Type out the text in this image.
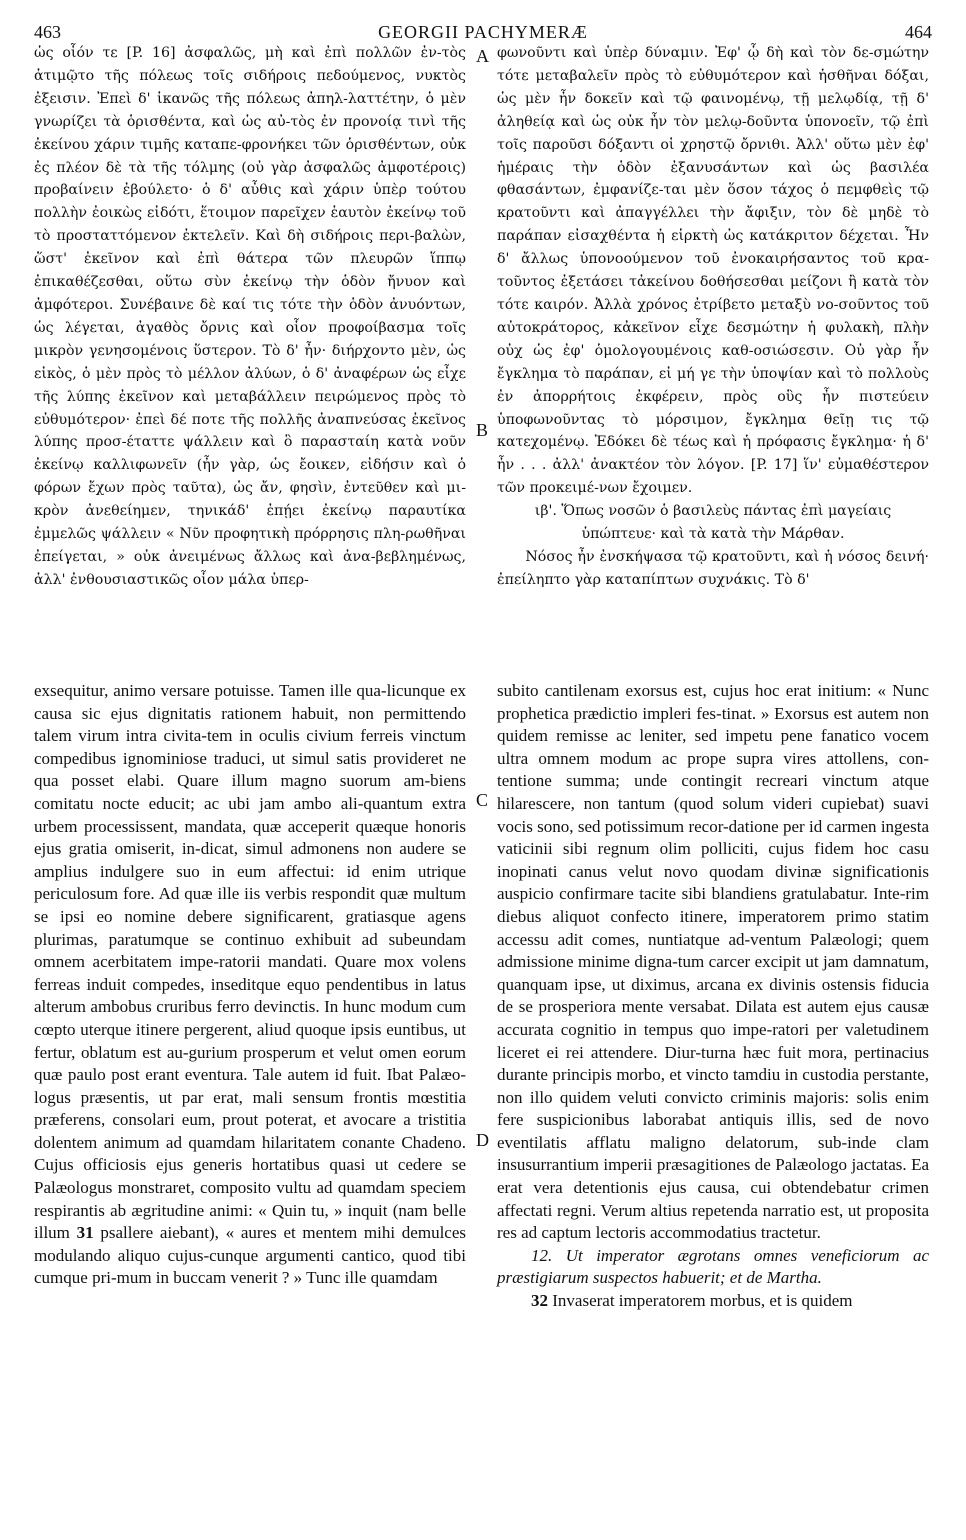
463	GEORGII PACHYMERÆ	464
A
B
C
D

ὡς οἷόν τε [P. 16] ἀσφαλῶς, μὴ καὶ ἐπὶ πολλῶν ἐν-τὸς ἀτιμῷτο τῆς πόλεως τοῖς σιδήροις πεδούμενος, νυκτὸς ἐξεισιν. Ἐπεὶ δ' ἱκανῶς τῆς πόλεως ἀπηλ-λαττέτην, ὁ μὲν γνωρίζει τὰ ὁρισθέντα, καὶ ὡς αὐ-τὸς ἐν προνοίᾳ τινὶ τῆς ἐκείνου χάριν τιμῆς καταπε-φρονήκει τῶν ὁρισθέντων, οὐκ ἐς πλέον δὲ τὰ τῆς τόλμης (οὐ γὰρ ἀσφαλῶς ἀμφοτέροις) προβαίνειν ἐβούλετο· ὁ δ' αὖθις καὶ χάριν ὑπὲρ τούτου πολλὴν ἐοικὼς εἰδότι, ἕτοιμον παρεῖχεν ἑαυτὸν ἐκείνῳ τοῦ τὸ προσταττόμενον ἐκτελεῖν. Καὶ δὴ σιδήροις περι-βαλὼν, ὥστ' ἐκεῖνον καὶ ἐπὶ θάτερα τῶν πλευρῶν ἵππῳ ἐπικαθέζεσθαι, οὕτω σὺν ἐκείνῳ τὴν ὁδὸν ἤνυον καὶ ἀμφότεροι. Συνέβαινε δὲ καί τις τότε τὴν ὁδὸν ἀνυόντων, ὡς λέγεται, ἀγαθὸς ὄρνις καὶ οἷον προφοίβασμα τοῖς μικρὸν γενησομένοις ὕστερον. Τὸ δ' ἦν· διήρχοντο μὲν, ὡς εἰκὸς, ὁ μὲν πρὸς τὸ μέλλον ἀλύων, ὁ δ' ἀναφέρων ὡς εἶχε τῆς λύπης ἐκεῖνον καὶ μεταβάλλειν πειρώμενος πρὸς τὸ εὐθυμότερον· ἐπεὶ δέ ποτε τῆς πολλῆς ἀναπνεύσας ἐκεῖνος λύπης προσ-έταττε ψάλλειν καὶ ὃ παρασταίη κατὰ νοῦν ἐκείνῳ καλλιφωνεῖν (ἦν γὰρ, ὡς ἔοικεν, εἰδήσιν καὶ ὁ φόρων ἔχων πρὸς ταῦτα), ὡς ἄν, φησὶν, ἐντεῦθεν καὶ μι-κρὸν ἀνεθείημεν, τηνικάδ' ἐπῄει ἐκείνῳ παραυτίκα ἐμμελῶς ψάλλειν « Νῦν προφητικὴ πρόρρησις πλη-ρωθῆναι ἐπείγεται, » οὐκ ἀνειμένως ἄλλως καὶ ἀνα-βεβλημένως, ἀλλ' ἐνθουσιαστικῶς οἷον μάλα ὑπερ-

φωνοῦντι καὶ ὑπὲρ δύναμιν. Ἐφ' ᾧ δὴ καὶ τὸν δε-σμώτην τότε μεταβαλεῖν πρὸς τὸ εὐθυμότερον καὶ ἡσθῆναι δόξαι, ὡς μὲν ἦν δοκεῖν καὶ τῷ φαινομένῳ, τῇ μελῳδίᾳ, τῇ δ' ἀληθείᾳ καὶ ὡς οὐκ ἦν τὸν μελῳ-δοῦντα ὑπονοεῖν, τῷ ἐπὶ τοῖς παροῦσι δόξαντι οἱ χρηστῷ ὄρνιθι. Ἀλλ' οὕτω μὲν ἐφ' ἡμέραις τὴν ὁδὸν ἐξανυσάντων καὶ ὡς βασιλέα φθασάντων, ἐμφανίζε-ται μὲν ὅσον τάχος ὁ πεμφθεὶς τῷ κρατοῦντι καὶ ἀπαγγέλλει τὴν ἄφιξιν, τὸν δὲ μηδὲ τὸ παράπαν εἰσαχθέντα ἡ εἱρκτὴ ὡς κατάκριτον δέχεται. Ἦν δ' ἄλλως ὑπονοούμενον τοῦ ἐνοκαιρήσαντος τοῦ κρα-τοῦντος ἐξετάσει τἀκείνου δοθήσεσθαι μείζονι ἢ κατὰ τὸν τότε καιρόν. Ἀλλὰ χρόνος ἐτρίβετο μεταξὺ νο-σοῦντος τοῦ αὐτοκράτορος, κἀκεῖνον εἶχε δεσμώτην ἡ φυλακὴ, πλὴν οὐχ ὡς ἐφ' ὁμολογουμένοις καθ-οσιώσεσιν. Οὐ γὰρ ἦν ἔγκλημα τὸ παράπαν, εἰ μή γε τὴν ὑποψίαν καὶ τὸ πολλοὺς ἐν ἀπορρήτοις ἐκφέρειν, πρὸς οὓς ἦν πιστεύειν ὑποφωνοῦντας τὸ μόρσιμον, ἔγκλημα θεῖῃ τις τῷ κατεχομένῳ. Ἐδόκει δὲ τέως καὶ ἡ πρόφασις ἔγκλημα· ἡ δ' ἦν . . . ἀλλ' ἀνακτέον τὸν λόγον. [P. 17] ἵν' εὐμαθέστερον τῶν προκειμέ-νων ἔχοιμεν.

ιβ'. Ὅπως νοσῶν ὁ βασιλεὺς πάντας ἐπὶ μαγείαις ὑπώπτευε· καὶ τὰ κατὰ τὴν Μάρθαν.

Νόσος ἦν ἐνσκήψασα τῷ κρατοῦντι, καὶ ἡ νόσος δεινή· ἐπείληπτο γὰρ καταπίπτων συχνάκις. Τὸ δ'

exsequitur, animo versare potuisse. Tamen ille qua-licunque ex causa sic ejus dignitatis rationem habuit, non permittendo talem virum intra civita-tem in oculis civium ferreis vinctum compedibus ignominiose traduci, ut simul satis provideret ne qua posset elabi. Quare illum magno suorum am-biens comitatu nocte educit; ac ubi jam ambo ali-quantum extra urbem processissent, mandata, quæ acceperit quæque honoris ejus gratia omiserit, in-dicat, simul admonens non audere se amplius indulgere suo in eum affectui: id enim utrique periculosum fore. Ad quæ ille iis verbis respondit quæ multum se ipsi eo nomine debere significarent, gratiasque agens plurimas, paratumque se continuo exhibuit ad subeundam omnem acerbitatem impe-ratorii mandati. Quare mox volens ferreas induit compedes, inseditque equo pendentibus in latus alterum ambobus cruribus ferro devinctis. In hunc modum cum cœpto uterque itinere pergerent, aliud quoque ipsis euntibus, ut fertur, oblatum est au-gurium prosperum et velut omen eorum quæ paulo post erant eventura. Tale autem id fuit. Ibat Palæo-logus præsentis, ut par erat, mali sensum frontis mœstitia præferens, consolari eum, prout poterat, et avocare a tristitia dolentem animum ad quamdam hilaritatem conante Chadeno. Cujus officiosis ejus generis hortatibus quasi ut cedere se Palæologus monstraret, composito vultu ad quamdam speciem respirantis ab ægritudine animi: « Quin tu, » inquit (nam belle illum 31 psallere aiebant), « aures et mentem mihi demulces modulando aliquo cujus-cunque argumenti cantico, quod tibi cumque pri-mum in buccam venerit ? » Tunc ille quamdam

subito cantilenam exorsus est, cujus hoc erat initium: « Nunc prophetica prædictio impleri fes-tinat. » Exorsus est autem non quidem remisse ac leniter, sed impetu pene fanatico vocem ultra omnem modum ac prope supra vires attollens, con-tentione summa; unde contingit recreari vinctum atque hilarescere, non tantum (quod solum videri cupiebat) suavi vocis sono, sed potissimum recor-datione per id carmen ingesta vaticinii sibi regnum olim polliciti, cujus fidem hoc casu inopinati canus velut novo quodam divinæ significationis auspicio confirmare tacite sibi blandiens gratulabatur. Inte-rim diebus aliquot confecto itinere, imperatorem primo statim accessu adit comes, nuntiatque ad-ventum Palæologi; quem admissione minime digna-tum carcer excipit ut jam damnatum, quanquam ipse, ut diximus, arcana ex divinis ostensis fiducia de se prosperiora mente versabat. Dilata est autem ejus causæ accurata cognitio in tempus quo impe-ratori per valetudinem liceret ei rei attendere. Diur-turna hæc fuit mora, pertinacius durante principis morbo, et vincto tamdiu in custodia perstante, non illo quidem veluti convicto criminis majoris: solis enim fere suspicionibus laborabat antiquis illis, sed de novo eventilatis afflatu maligno delatorum, sub-inde clam insusurrantium imperii præsagitiones de Palæologo jactatas. Ea erat vera detentionis ejus causa, cui obtendebatur crimen affectati regni. Verum altius repetenda narratio est, ut proposita res ad captum lectoris accommodatius tractetur.

12. Ut imperator ægrotans omnes veneficiorum ac præstigiarum suspectos habuerit; et de Martha.

32 Invaserat imperatorem morbus, et is quidem
